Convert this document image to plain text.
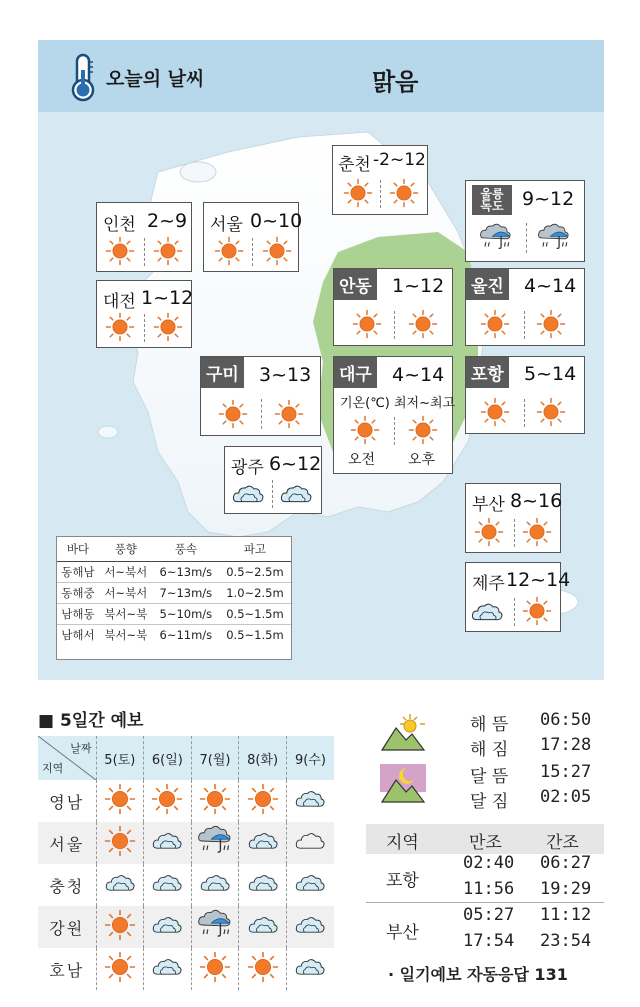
오늘의 날씨	맑음
춘천 -2~12
인천 2~9 서울 0~10
울릉
독도 9~12
대전 1~12	안동 1~12 울진 4~14
구미 3~13 대구 4~14
기온(℃) 최저~최고
오전 오후
포항 5~14
광주 6~12
부산 8~16
제주 12~14
바다	풍향	풍속	파고
동해남	서~북서	6~13m/s	0.5~2.5m
동해중	서~북서	7~13m/s	1.0~2.5m
남해동	북서~북	5~10m/s	0.5~1.5m
남해서	북서~북	6~11m/s	0.5~1.5m
■ 5일간 예보
날짜
지역	5(토)	6(일)	7(월)	8(화)	9(수)
영남					
서울					
충청					
강원					
호남					
해 뜸 06:50
해 짐 17:28
달 뜸 15:27
달 짐 02:05
지역	만조	간조
포항
02:40 06:27
11:56 19:29
부산
05:27 11:12
17:54 23:54
· 일기예보 자동응답 131
